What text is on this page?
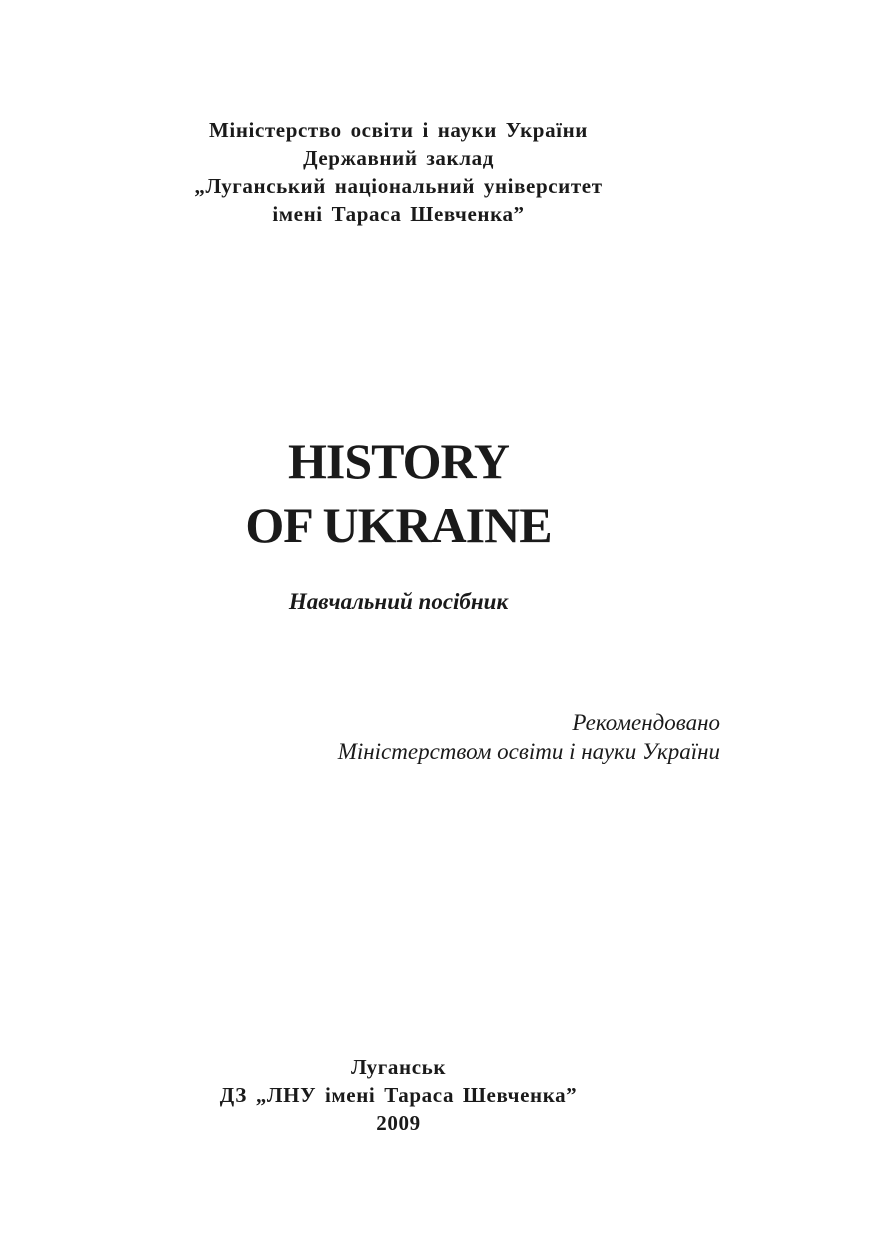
Міністерство освіти і науки України

Державний заклад

„Луганський національний університет

імені Тараса Шевченка”

HISTORY

OF UKRAINE

Навчальний посібник

Рекомендовано

Міністерством освіти і науки України

Луганськ

ДЗ „ЛНУ імені Тараса Шевченка”

2009
